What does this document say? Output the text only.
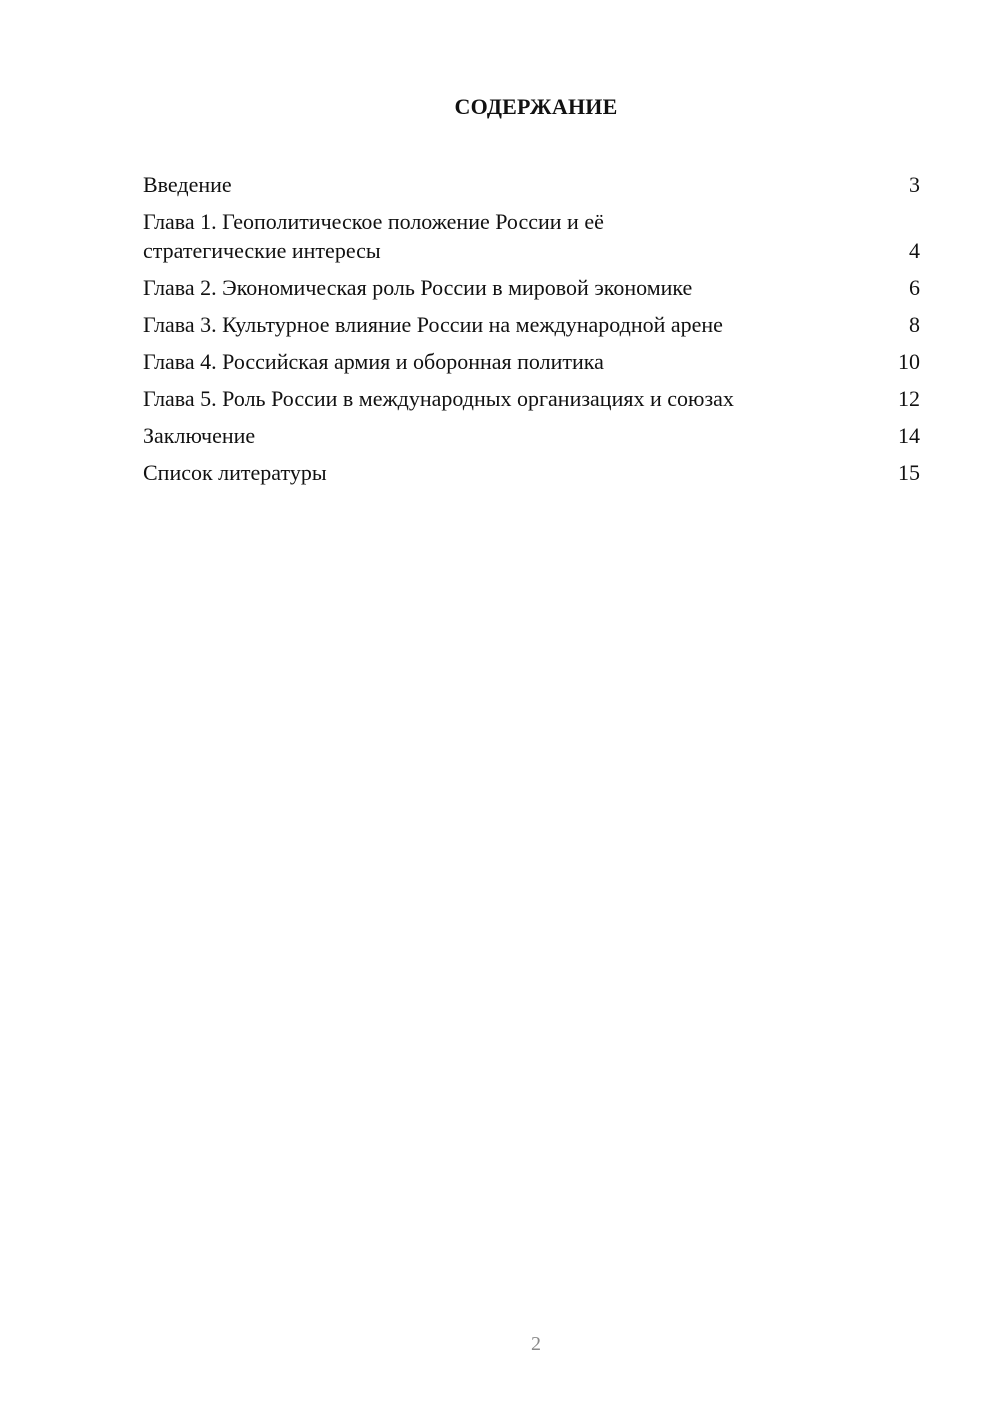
СОДЕРЖАНИЕ
Введение	3
Глава 1. Геополитическое положение России и её стратегические интересы	4
Глава 2. Экономическая роль России в мировой экономике	6
Глава 3. Культурное влияние России на международной арене	8
Глава 4. Российская армия и оборонная политика	10
Глава 5. Роль России в международных организациях и союзах	12
Заключение	14
Список литературы	15
2
